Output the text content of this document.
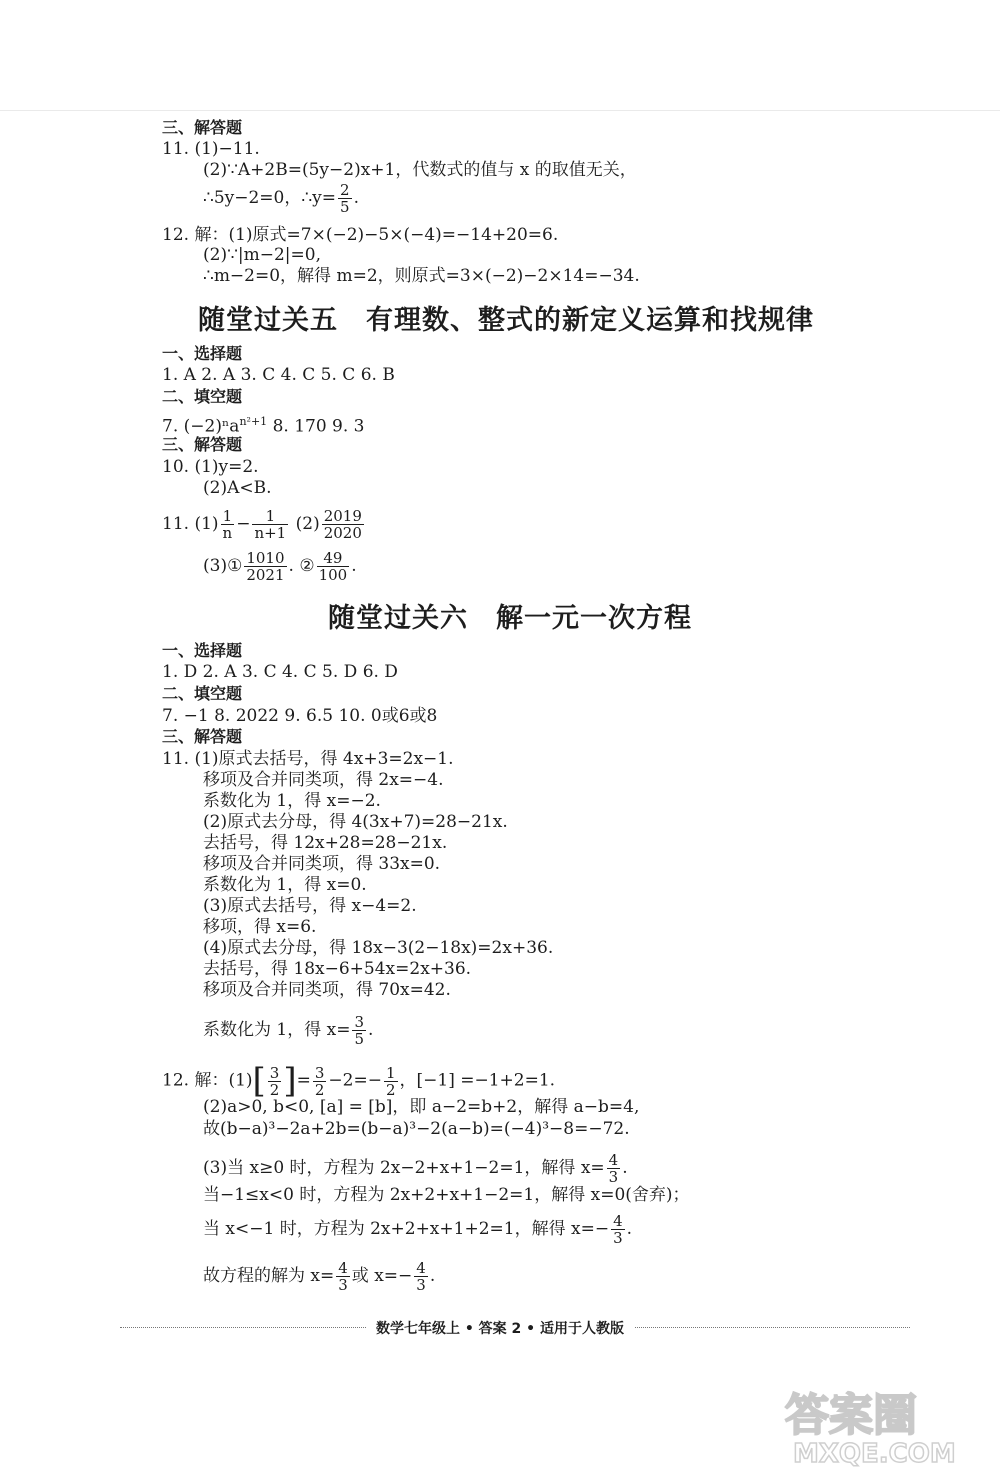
三、解答题
11. (1)−11.
(2)∵A+2B=(5y−2)x+1，代数式的值与 x 的取值无关，
∴5y−2=0，∴y= $\frac{2}{5}$ .
12. 解：(1)原式=7×(−2)−5×(−4)=−14+20=6.
(2)∵|m−2|=0,
∴m−2=0，解得 m=2，则原式=3×(−2)−2×14=−34.
随堂过关五　有理数、整式的新定义运算和找规律
一、选择题
1. A 2. A 3. C 4. C 5. C 6. B
二、填空题
7. (−2)ⁿa$^{n^2+1}$ 8. 170 9. 3
三、解答题
10. (1)y=2.
(2)A<B.
11. $(1) \frac{1}{n} - \frac{1}{n+1} (2) \frac{2019}{2020}$
(3)① $\frac{1010}{2021}$ . ② $\frac{49}{100}$ .
随堂过关六　解一元一次方程
一、选择题
1. D 2. A 3. C 4. C 5. D 6. D
二、填空题
7. −1 8. 2022 9. 6.5 10. 0或6或8
三、解答题
11. (1)原式去括号，得 4x+3=2x−1.
移项及合并同类项，得 2x=−4.
系数化为 1，得 x=−2.
(2)原式去分母，得 4(3x+7)=28−21x.
去括号，得 12x+28=28−21x.
移项及合并同类项，得 33x=0.
系数化为 1，得 x=0.
(3)原式去括号，得 x−4=2.
移项，得 x=6.
(4)原式去分母，得 18x−3(2−18x)=2x+36.
去括号，得 18x−6+54x=2x+36.
移项及合并同类项，得 70x=42.
系数化为 1，得 $x= \frac{3}{5}$ .
12. 解：$(1)[ \frac{3}{2}$ ]= $\frac{3}{2} -2=- \frac{1}{2}$ ，[−1] =−1+2=1.
(2)a>0, b<0, [a] = [b]，即 a−2=b+2，解得 a−b=4,
故(b−a)³−2a+2b=(b−a)³−2(a−b)=(−4)³−8=−72.
(3)当 x≥0 时，方程为 2x−2+x+1−2=1，解得 $x= \frac{4}{3}$ .
当−1≤x<0 时，方程为 2x+2+x+1−2=1，解得 x=0(舍弃)；
当 x<−1 时，方程为 2x+2+x+1+2=1，解得 $x=- \frac{4}{3}$ .
故方程的解为 $x= \frac{4}{3}$ 或 $x=- \frac{4}{3}$ .
数学七年级上 • 答案 2 • 适用于人教版
答案圈
MXQE.COM
